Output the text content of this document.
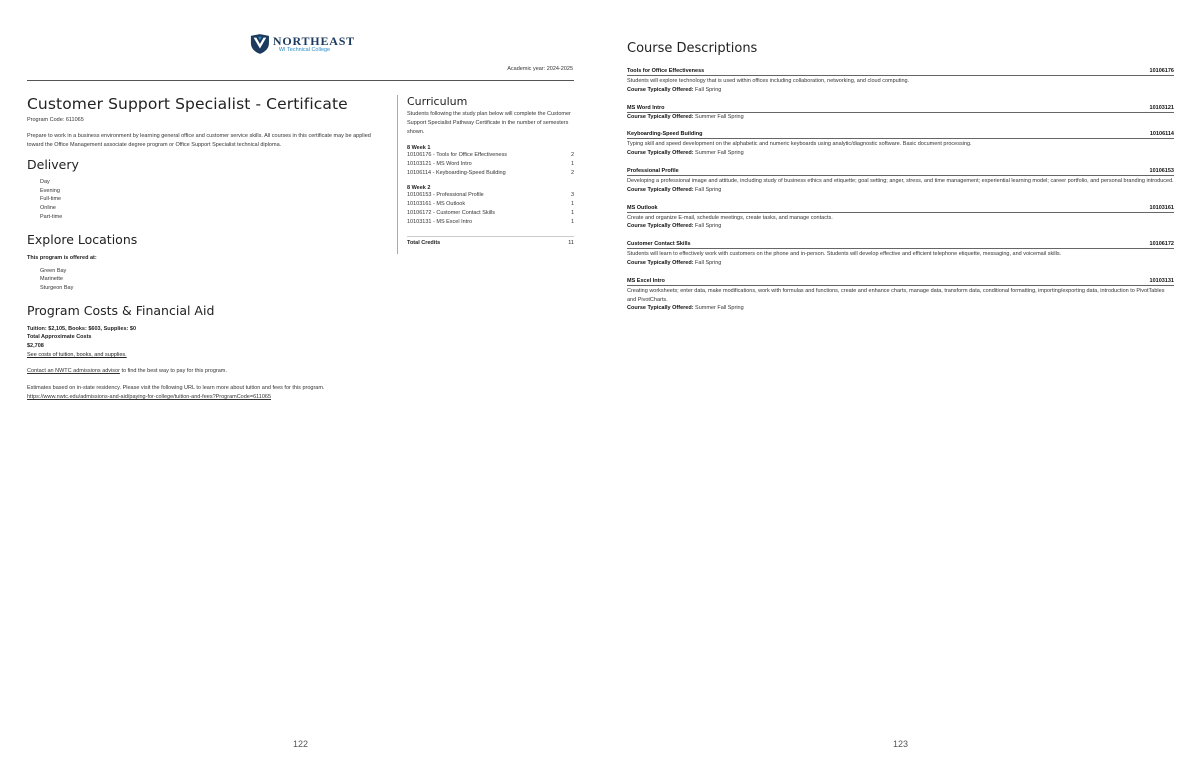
NORTHEAST
WI Technical College
Academic year: 2024-2025
Customer Support Specialist - Certificate
Program Code: 611065

Prepare to work in a business environment by learning general office and customer service skills. All courses in this certificate may be applied toward the Office Management associate degree program or Office Support Specialist technical diploma.

Delivery
Day
Evening
Full-time
Online
Part-time
Explore Locations
This program is offered at:
Green Bay
Marinette
Sturgeon Bay
Program Costs & Financial Aid
Tuition: $2,105, Books: $603, Supplies: $0
Total Approximate Costs
$2,708
See costs of tuition, books, and supplies.
Contact an NWTC admissions advisor to find the best way to pay for this program.
Estimates based on in-state residency. Please visit the following URL to learn more about tuition and fees for this program.
https://www.nwtc.edu/admissions-and-aid/paying-for-college/tuition-and-fees?ProgramCode=611065
Curriculum

Students following the study plan below will complete the Customer Support Specialist Pathway Certificate in the number of semesters shown.

8 Week 1
10106176 - Tools for Office Effectiveness	2
10103121 - MS Word Intro	1
10106114 - Keyboarding-Speed Building	2
8 Week 2
10106153 - Professional Profile	3
10103161 - MS Outlook	1
10106172 - Customer Contact Skills	1
10103131 - MS Excel Intro	1
Total Credits	11
122
Course Descriptions
Tools for Office Effectiveness	10106176
Students will explore technology that is used within offices including collaboration, networking, and cloud computing.
Course Typically Offered: Fall Spring
MS Word Intro	10103121
Course Typically Offered: Summer Fall Spring
Keyboarding-Speed Building	10106114
Typing skill and speed development on the alphabetic and numeric keyboards using analytic/diagnostic software. Basic document processing.
Course Typically Offered: Summer Fall Spring
Professional Profile	10106153
Developing a professional image and attitude, including study of business ethics and etiquette; goal setting; anger, stress, and time management; experiential learning model; career portfolio, and personal branding introduced.
Course Typically Offered: Fall Spring
MS Outlook	10103161
Create and organize E-mail, schedule meetings, create tasks, and manage contacts.
Course Typically Offered: Fall Spring
Customer Contact Skills	10106172
Students will learn to effectively work with customers on the phone and in-person. Students will develop effective and efficient telephone etiquette, messaging, and voicemail skills.
Course Typically Offered: Fall Spring
MS Excel Intro	10103131
Creating worksheets; enter data, make modifications, work with formulas and functions, create and enhance charts, manage data, transform data, conditional formatting, importing/exporting data, introduction to PivotTables and PivotCharts.
Course Typically Offered: Summer Fall Spring
123
